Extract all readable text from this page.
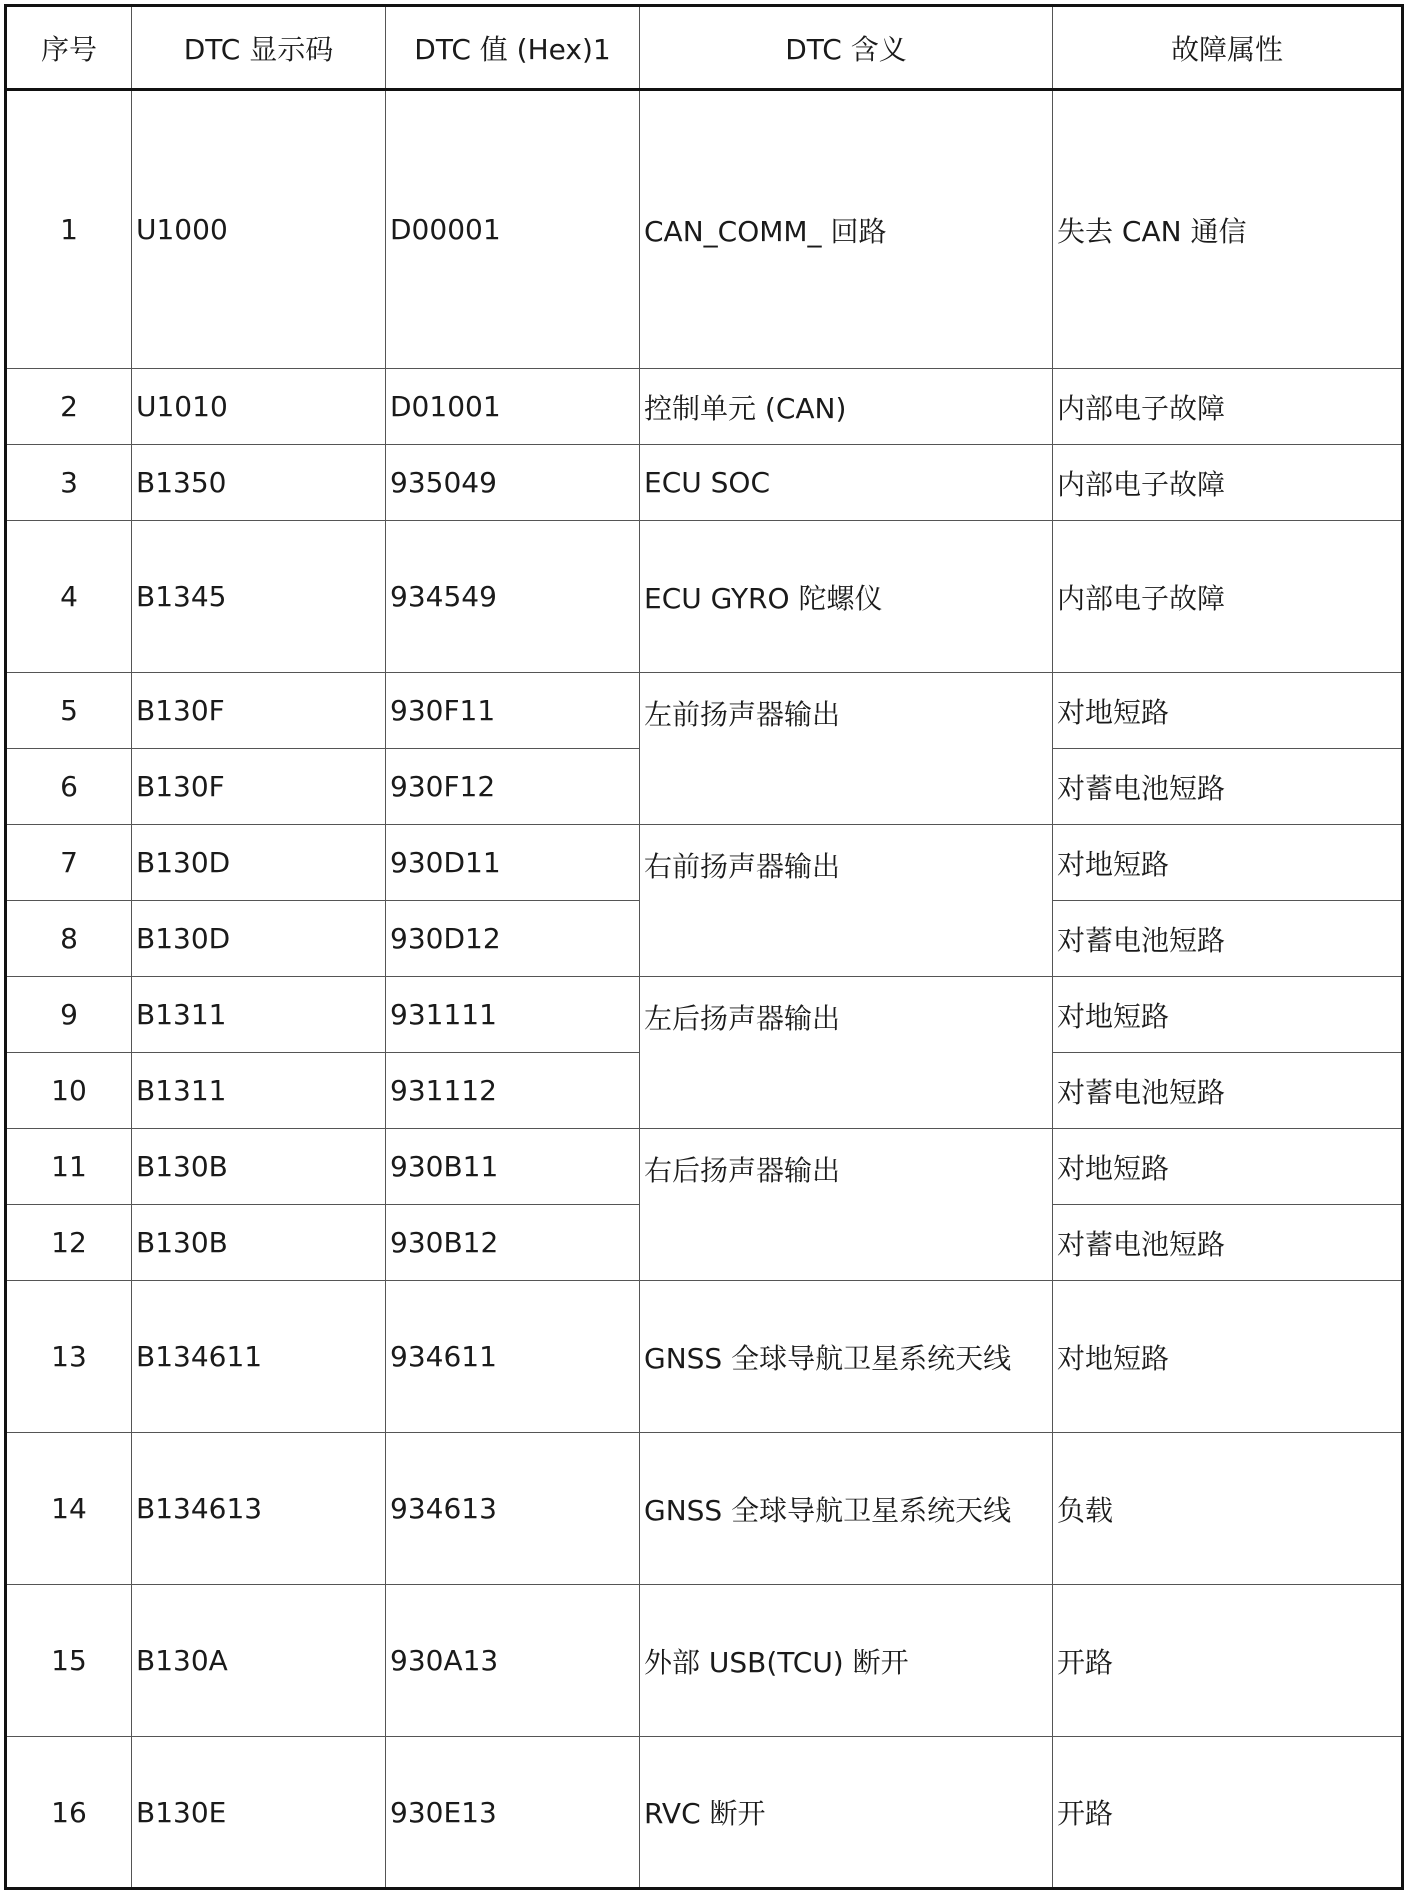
序号	DTC 显示码	DTC 值 (Hex)1	DTC 含义	故障属性
1	U1000	D00001	CAN_COMM_ 回路	失去 CAN 通信
2	U1010	D01001	控制单元 (CAN)	内部电子故障
3	B1350	935049	ECU SOC	内部电子故障
4	B1345	934549	ECU GYRO 陀螺仪	内部电子故障
5	B130F	930F11	左前扬声器输出	对地短路
6	B130F	930F12		对蓄电池短路
7	B130D	930D11	右前扬声器输出	对地短路
8	B130D	930D12		对蓄电池短路
9	B1311	931111	左后扬声器输出	对地短路
10	B1311	931112		对蓄电池短路
11	B130B	930B11	右后扬声器输出	对地短路
12	B130B	930B12		对蓄电池短路
13	B134611	934611	GNSS 全球导航卫星系统天线	对地短路
14	B134613	934613	GNSS 全球导航卫星系统天线	负载
15	B130A	930A13	外部 USB(TCU) 断开	开路
16	B130E	930E13	RVC 断开	开路
